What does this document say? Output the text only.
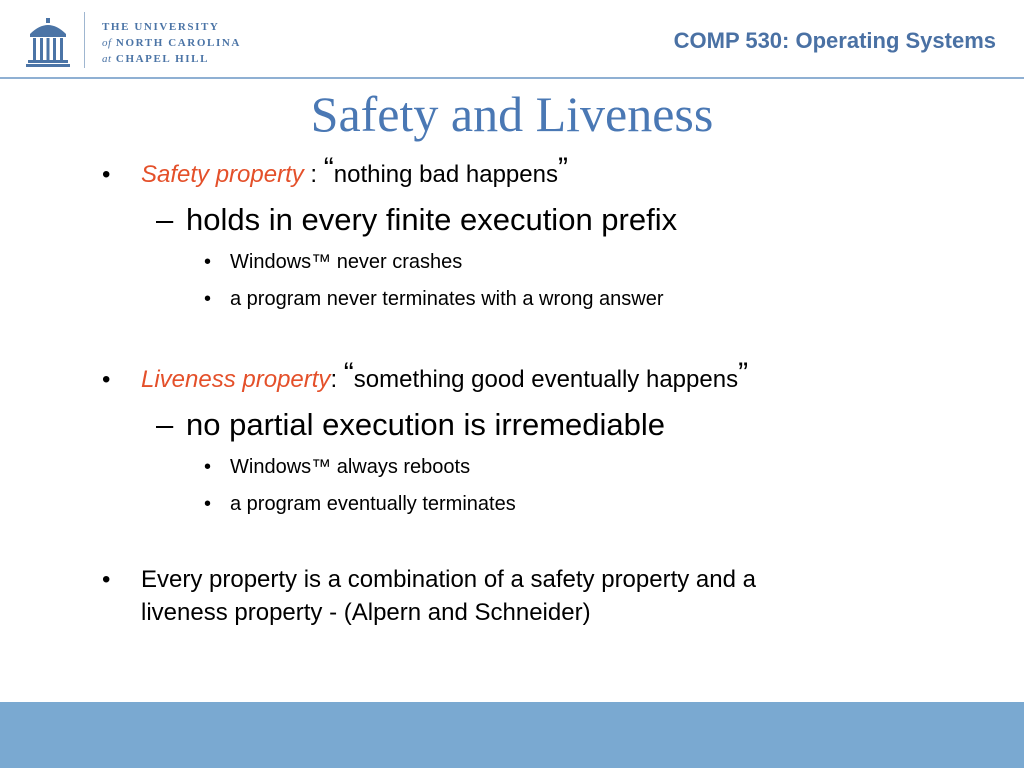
THE UNIVERSITY
of NORTH CAROLINA
at CHAPEL HILL
COMP 530: Operating Systems
Safety and Liveness
• Safety property : “nothing bad happens”
– holds in every finite execution prefix
• Windows™ never crashes
• a program never terminates with a wrong answer
• Liveness property: “something good eventually happens”
– no partial execution is irremediable
• Windows™ always reboots
• a program eventually terminates
• Every property is a combination of a safety property and a
liveness property - (Alpern and Schneider)
